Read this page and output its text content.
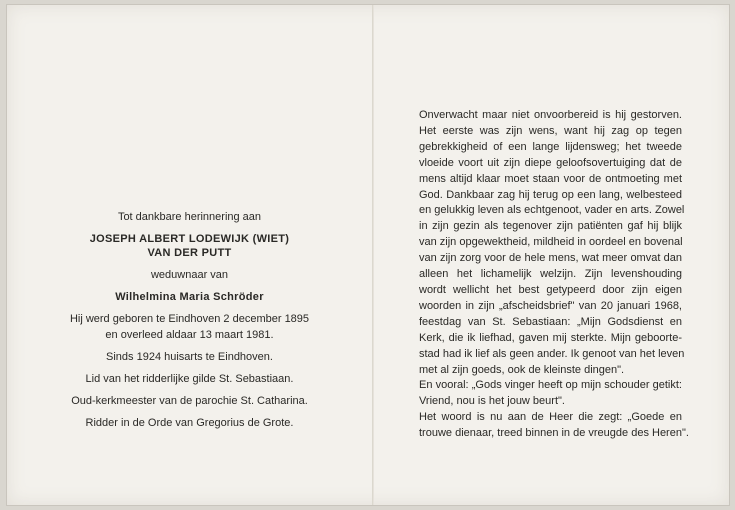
Tot dankbare herinnering aan
JOSEPH ALBERT LODEWIJK (WIET)
VAN DER PUTT
weduwnaar van
Wilhelmina Maria Schröder
Hij werd geboren te Eindhoven 2 december 1895
en overleed aldaar 13 maart 1981.
Sinds 1924 huisarts te Eindhoven.
Lid van het ridderlijke gilde St. Sebastiaan.
Oud-kerkmeester van de parochie St. Catharina.
Ridder in de Orde van Gregorius de Grote.
Onverwacht maar niet onvoorbereid is hij gestorven.
Het eerste was zijn wens, want hij zag op tegen
gebrekkigheid of een lange lijdensweg; het tweede
vloeide voort uit zijn diepe geloofsovertuiging dat de
mens altijd klaar moet staan voor de ontmoeting met
God. Dankbaar zag hij terug op een lang, welbesteed
en gelukkig leven als echtgenoot, vader en arts. Zowel
in zijn gezin als tegenover zijn patiënten gaf hij blijk
van zijn opgewektheid, mildheid in oordeel en bovenal
van zijn zorg voor de hele mens, wat meer omvat dan
alleen het lichamelijk welzijn. Zijn levenshouding
wordt wellicht het best getypeerd door zijn eigen
woorden in zijn „afscheidsbrief" van 20 januari 1968,
feestdag van St. Sebastiaan: „Mijn Godsdienst en
Kerk, die ik liefhad, gaven mij sterkte. Mijn geboorte-
stad had ik lief als geen ander. Ik genoot van het leven
met al zijn goeds, ook de kleinste dingen".
En vooral: „Gods vinger heeft op mijn schouder getikt:
Vriend, nou is het jouw beurt".
Het woord is nu aan de Heer die zegt: „Goede en
trouwe dienaar, treed binnen in de vreugde des Heren".
